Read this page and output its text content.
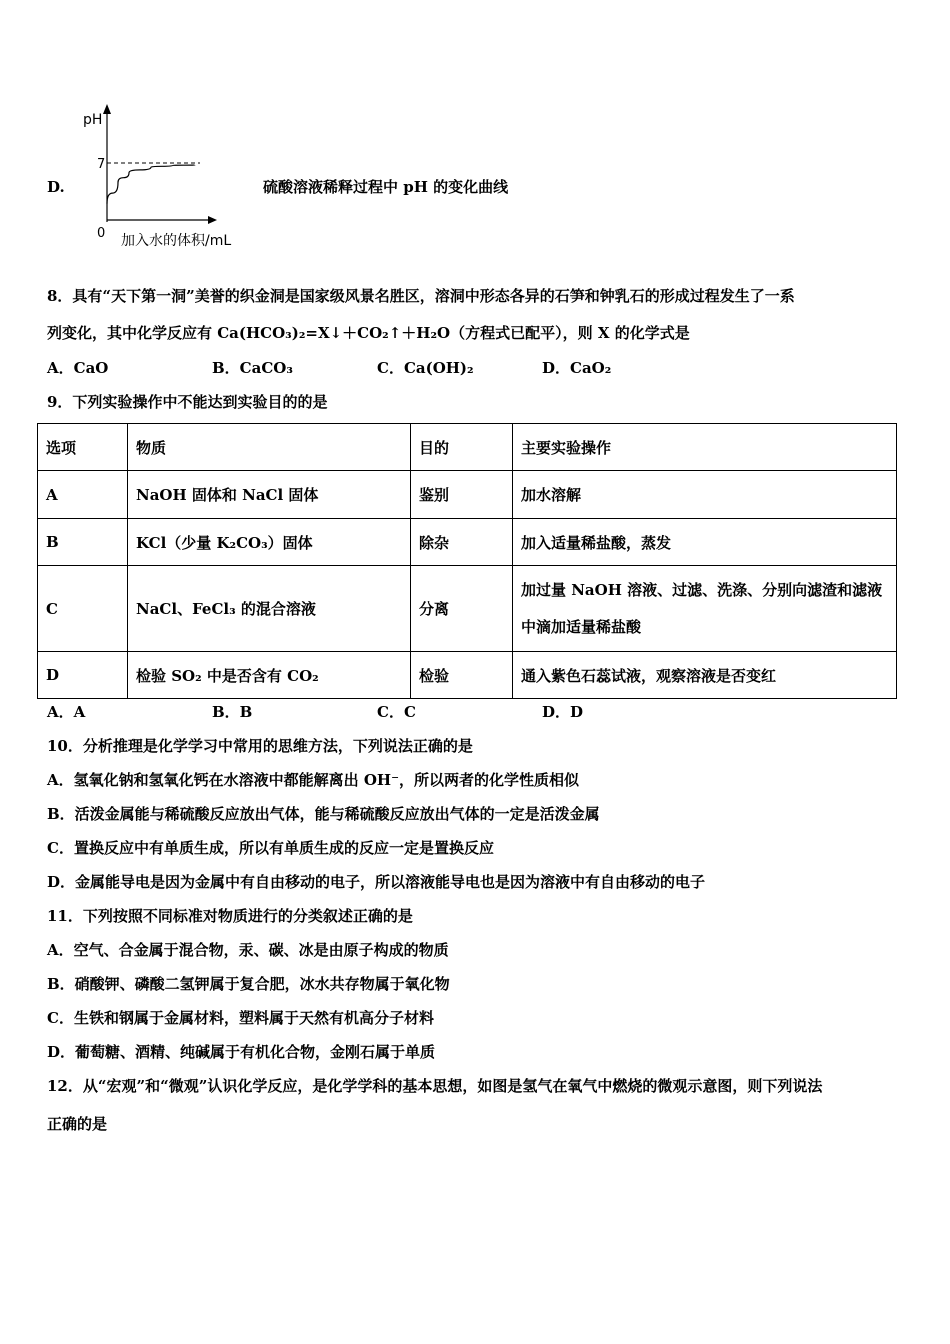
D.
pH
7
0 加入水的体积/mL
硫酸溶液稀释过程中 pH 的变化曲线
8．具有“天下第一洞”美誉的织金洞是国家级风景名胜区，溶洞中形态各异的石笋和钟乳石的形成过程发生了一系
列变化，其中化学反应有 Ca(HCO₃)₂=X↓＋CO₂↑＋H₂O（方程式已配平），则 X 的化学式是
A．CaO	B．CaCO₃	C．Ca(OH)₂	D．CaO₂
9．下列实验操作中不能达到实验目的的是
选项	物质	目的	主要实验操作
A	NaOH 固体和 NaCl 固体	鉴别	加水溶解
B	KCl（少量 K₂CO₃）固体	除杂	加入适量稀盐酸，蒸发
C	NaCl、FeCl₃ 的混合溶液	分离	加过量 NaOH 溶液、过滤、洗涤、分别向滤渣和滤液中滴加适量稀盐酸
D	检验 SO₂ 中是否含有 CO₂	检验	通入紫色石蕊试液，观察溶液是否变红
A．A	B．B	C．C	D．D
10．分析推理是化学学习中常用的思维方法，下列说法正确的是
A．氢氧化钠和氢氧化钙在水溶液中都能解离出 OH⁻，所以两者的化学性质相似
B．活泼金属能与稀硫酸反应放出气体，能与稀硫酸反应放出气体的一定是活泼金属
C．置换反应中有单质生成，所以有单质生成的反应一定是置换反应
D．金属能导电是因为金属中有自由移动的电子，所以溶液能导电也是因为溶液中有自由移动的电子
11．下列按照不同标准对物质进行的分类叙述正确的是
A．空气、合金属于混合物，汞、碳、冰是由原子构成的物质
B．硝酸钾、磷酸二氢钾属于复合肥，冰水共存物属于氧化物
C．生铁和钢属于金属材料，塑料属于天然有机高分子材料
D．葡萄糖、酒精、纯碱属于有机化合物，金刚石属于单质
12．从“宏观”和“微观”认识化学反应，是化学学科的基本思想，如图是氢气在氧气中燃烧的微观示意图，则下列说法
正确的是
